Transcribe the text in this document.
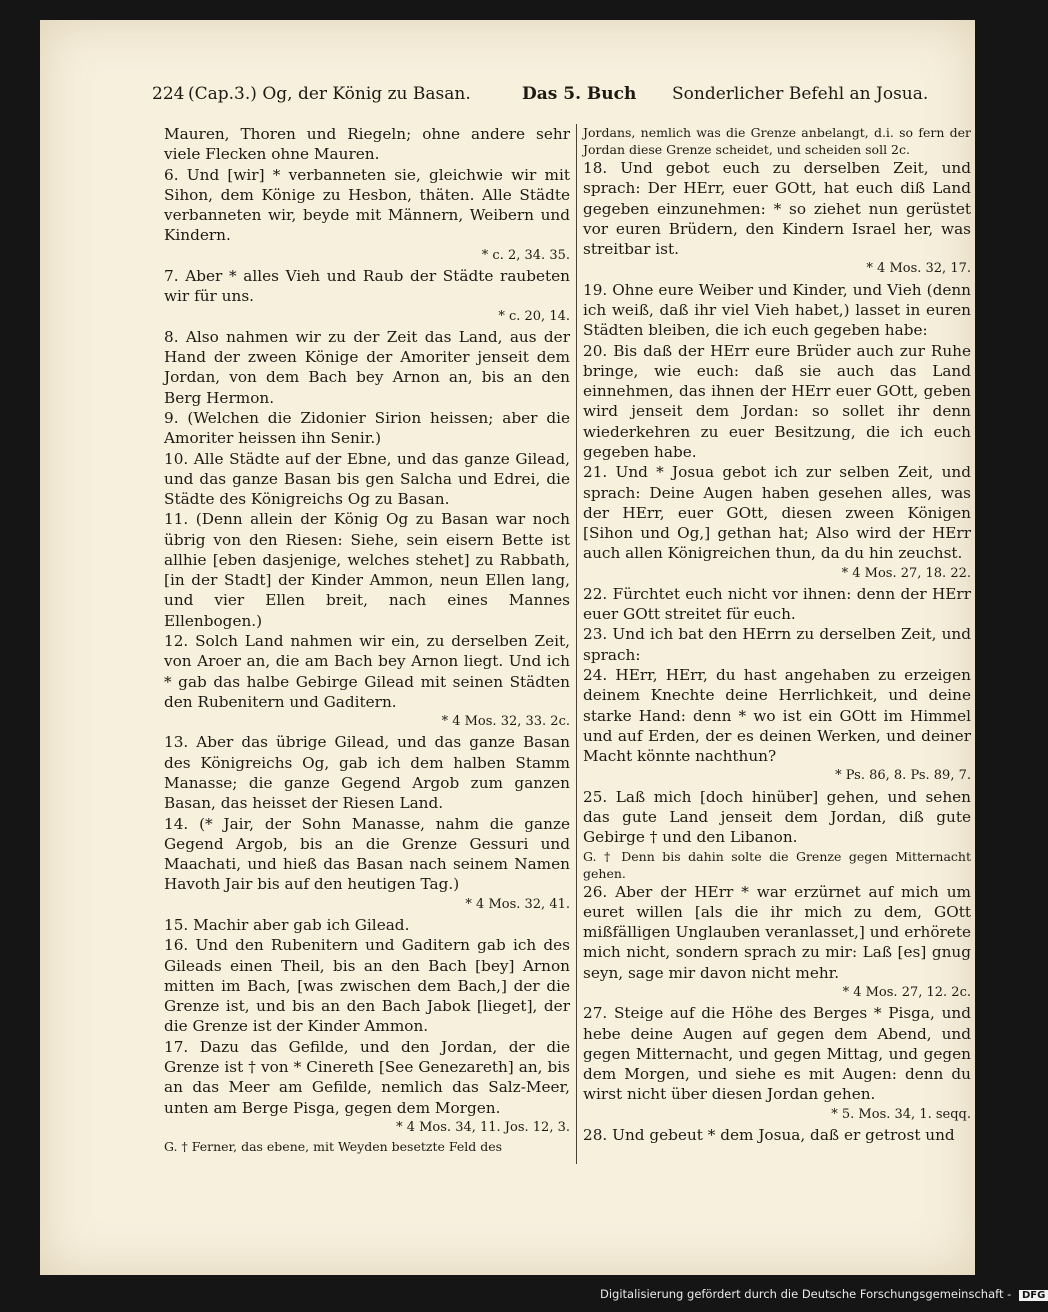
224 (Cap.3.) Og, der König zu Basan.	Das 5. Buch Sonderlicher Befehl an Josua.

Mauren, Thoren und Riegeln; ohne andere sehr viele Flecken ohne Mauren.

6. Und [wir] * verbanneten sie, gleichwie wir mit Sihon, dem Könige zu Hesbon, thäten. Alle Städte verbanneten wir, beyde mit Männern, Weibern und Kindern.

* c. 2, 34. 35.

7. Aber * alles Vieh und Raub der Städte raubeten wir für uns.

* c. 20, 14.

8. Also nahmen wir zu der Zeit das Land, aus der Hand der zween Könige der Amoriter jenseit dem Jordan, von dem Bach bey Arnon an, bis an den Berg Hermon.

9. (Welchen die Zidonier Sirion heissen; aber die Amoriter heissen ihn Senir.)

10. Alle Städte auf der Ebne, und das ganze Gilead, und das ganze Basan bis gen Salcha und Edrei, die Städte des Königreichs Og zu Basan.

11. (Denn allein der König Og zu Basan war noch übrig von den Riesen: Siehe, sein eisern Bette ist allhie [eben dasjenige, welches stehet] zu Rabbath, [in der Stadt] der Kinder Ammon, neun Ellen lang, und vier Ellen breit, nach eines Mannes Ellenbogen.)

12. Solch Land nahmen wir ein, zu derselben Zeit, von Aroer an, die am Bach bey Arnon liegt. Und ich * gab das halbe Gebirge Gilead mit seinen Städten den Rubenitern und Gaditern.

* 4 Mos. 32, 33. 2c.

13. Aber das übrige Gilead, und das ganze Basan des Königreichs Og, gab ich dem halben Stamm Manasse; die ganze Gegend Argob zum ganzen Basan, das heisset der Riesen Land.

14. (* Jair, der Sohn Manasse, nahm die ganze Gegend Argob, bis an die Grenze Gessuri und Maachati, und hieß das Basan nach seinem Namen Havoth Jair bis auf den heutigen Tag.)

* 4 Mos. 32, 41.

15. Machir aber gab ich Gilead.

16. Und den Rubenitern und Gaditern gab ich des Gileads einen Theil, bis an den Bach [bey] Arnon mitten im Bach, [was zwischen dem Bach,] der die Grenze ist, und bis an den Bach Jabok [lieget], der die Grenze ist der Kinder Ammon.

17. Dazu das Gefilde, und den Jordan, der die Grenze ist † von * Cinereth [See Genezareth] an, bis an das Meer am Gefilde, nemlich das Salz-Meer, unten am Berge Pisga, gegen dem Morgen.

* 4 Mos. 34, 11. Jos. 12, 3.

G. † Ferner, das ebene, mit Weyden besetzte Feld des

Jordans, nemlich was die Grenze anbelangt, d.i. so fern der Jordan diese Grenze scheidet, und scheiden soll 2c.

18. Und gebot euch zu derselben Zeit, und sprach: Der HErr, euer GOtt, hat euch diß Land gegeben einzunehmen: * so ziehet nun gerüstet vor euren Brüdern, den Kindern Israel her, was streitbar ist.

* 4 Mos. 32, 17.

19. Ohne eure Weiber und Kinder, und Vieh (denn ich weiß, daß ihr viel Vieh habet,) lasset in euren Städten bleiben, die ich euch gegeben habe:

20. Bis daß der HErr eure Brüder auch zur Ruhe bringe, wie euch: daß sie auch das Land einnehmen, das ihnen der HErr euer GOtt, geben wird jenseit dem Jordan: so sollet ihr denn wiederkehren zu euer Besitzung, die ich euch gegeben habe.

21. Und * Josua gebot ich zur selben Zeit, und sprach: Deine Augen haben gesehen alles, was der HErr, euer GOtt, diesen zween Königen [Sihon und Og,] gethan hat; Also wird der HErr auch allen Königreichen thun, da du hin zeuchst.

* 4 Mos. 27, 18. 22.

22. Fürchtet euch nicht vor ihnen: denn der HErr euer GOtt streitet für euch.

23. Und ich bat den HErrn zu derselben Zeit, und sprach:

24. HErr, HErr, du hast angehaben zu erzeigen deinem Knechte deine Herrlichkeit, und deine starke Hand: denn * wo ist ein GOtt im Himmel und auf Erden, der es deinen Werken, und deiner Macht könnte nachthun?

* Ps. 86, 8. Ps. 89, 7.

25. Laß mich [doch hinüber] gehen, und sehen das gute Land jenseit dem Jordan, diß gute Gebirge † und den Libanon.

G. † Denn bis dahin solte die Grenze gegen Mitternacht gehen.

26. Aber der HErr * war erzürnet auf mich um euret willen [als die ihr mich zu dem, GOtt mißfälligen Unglauben veranlasset,] und erhörete mich nicht, sondern sprach zu mir: Laß [es] gnug seyn, sage mir davon nicht mehr.

* 4 Mos. 27, 12. 2c.

27. Steige auf die Höhe des Berges * Pisga, und hebe deine Augen auf gegen dem Abend, und gegen Mitternacht, und gegen Mittag, und gegen dem Morgen, und siehe es mit Augen: denn du wirst nicht über diesen Jordan gehen.

* 5. Mos. 34, 1. seqq.

28. Und gebeut * dem Josua, daß er getrost und

Digitalisierung gefördert durch die Deutsche Forschungsgemeinschaft - DFG
